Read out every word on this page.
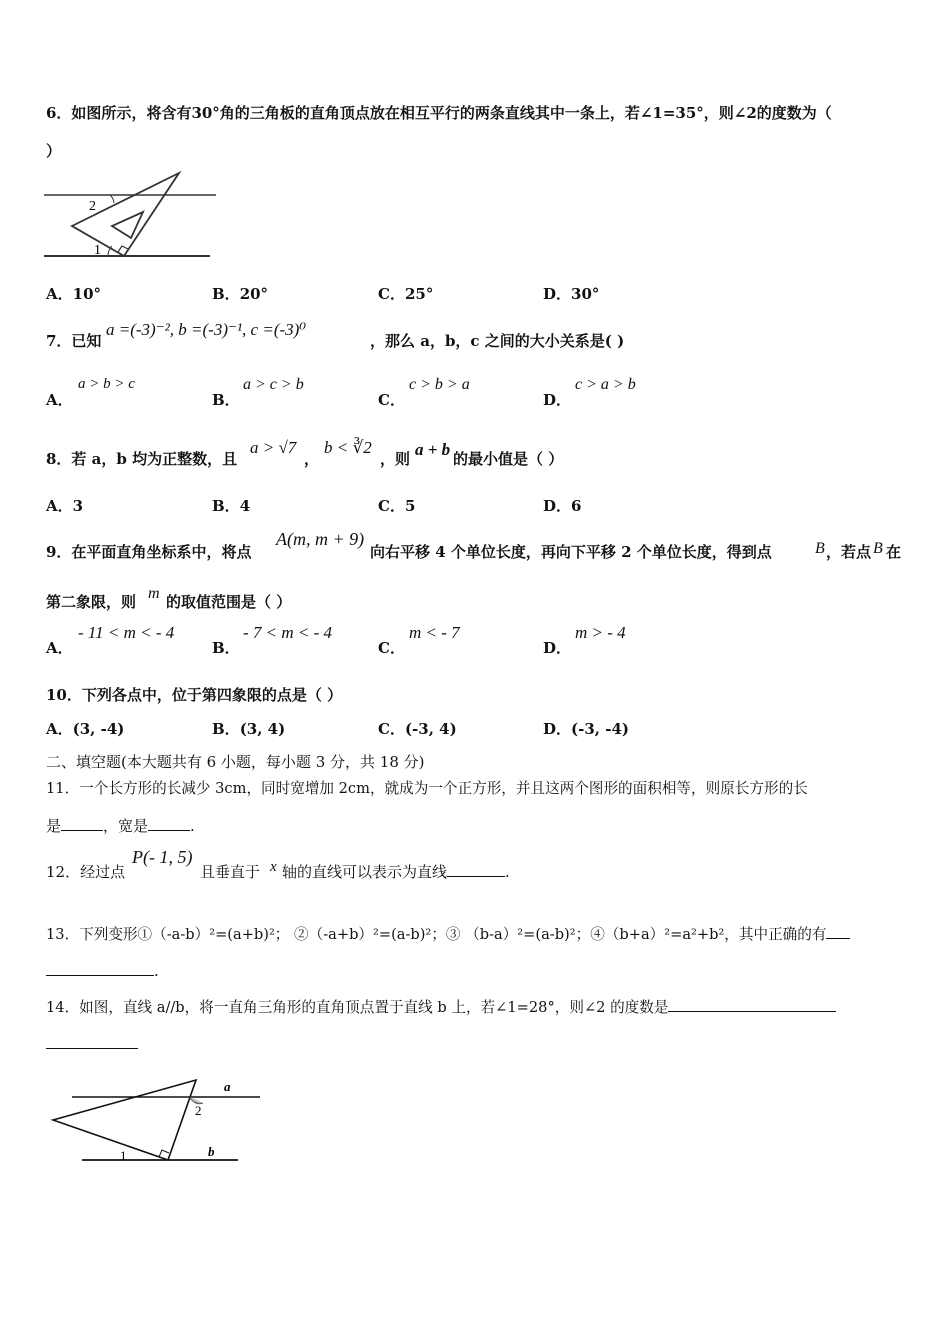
6．如图所示，将含有30°角的三角板的直角顶点放在相互平行的两条直线其中一条上，若∠1=35°，则∠2的度数为（
）
2
1
A．10°	B．20°	C．25°	D．30°
7．已知
a =(-3)⁻², b =(-3)⁻¹, c =(-3)⁰
，那么 a，b，c 之间的大小关系是( )
A．
a > b > c
B．
a > c > b
C．
c > b > a
D．
c > a > b
8．若 a，b 均为正整数，且
a > √7
，
b < ∛2
，则 a + b 的最小值是（ ）
A．3	B．4	C．5	D．6
9．在平面直角坐标系中，将点
A(m, m + 9)
向右平移 4 个单位长度，再向下平移 2 个单位长度，得到点	B ，若点 B 在
第二象限，则 m 的取值范围是（ ）
A．
- 11 < m < - 4
B．
- 7 < m < - 4
C．
m < - 7
D．
m > - 4
10．下列各点中，位于第四象限的点是（ ）
A．(3, -4)	B．(3, 4)	C．(-3, 4)	D．(-3, -4)
二、填空题(本大题共有 6 小题，每小题 3 分，共 18 分)
11．一个长方形的长减少 3cm，同时宽增加 2cm，就成为一个正方形，并且这两个图形的面积相等，则原长方形的长
是	，宽是	.
12．经过点
P(- 1, 5)
且垂直于 x 轴的直线可以表示为直线	.
13．下列变形①（-a-b）²=(a+b)²； ②（-a+b）²=(a-b)²；③ （b-a）²=(a-b)²；④（b+a）²=a²+b²，其中正确的有
.
14．如图，直线 a//b，将一直角三角形的直角顶点置于直线 b 上，若∠1=28°，则∠2 的度数是
a
b
1
2
